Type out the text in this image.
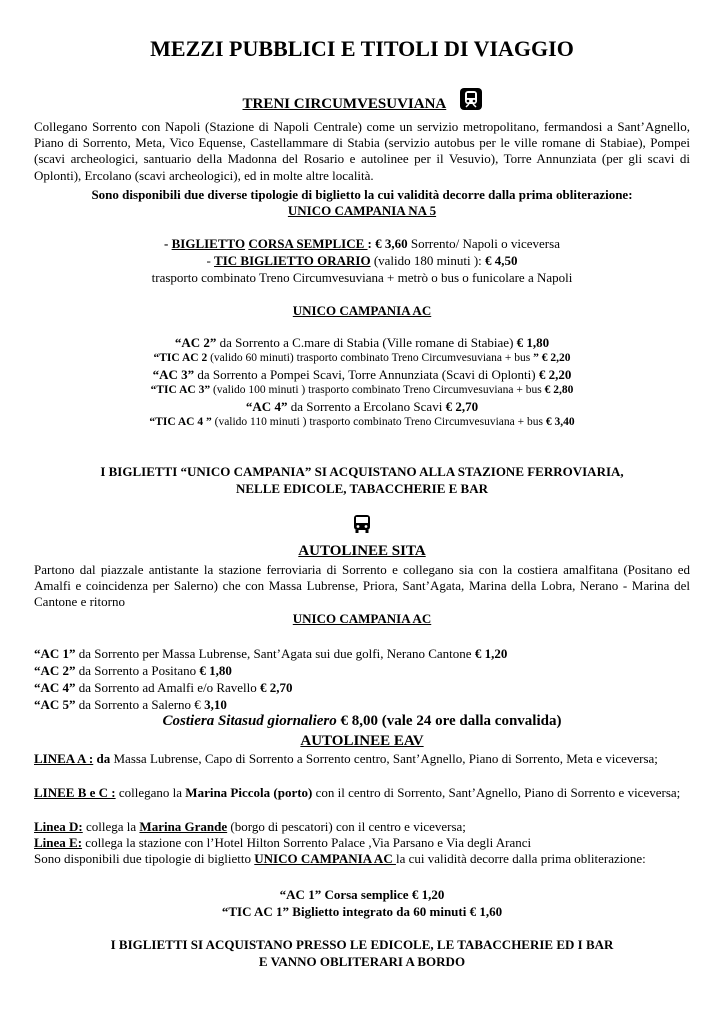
MEZZI PUBBLICI E TITOLI DI VIAGGIO
TRENI CIRCUMVESUVIANA

Collegano Sorrento con Napoli (Stazione di Napoli Centrale) come un servizio metropolitano, fermandosi a Sant’Agnello, Piano di Sorrento, Meta, Vico Equense, Castellammare di Stabia (servizio autobus per le ville romane di Stabiae), Pompei (scavi archeologici, santuario della Madonna del Rosario e autolinee per il Vesuvio), Torre Annunziata (per gli scavi di Oplonti), Ercolano (scavi archeologici), ed in molte altre località.

Sono disponibili due diverse tipologie di biglietto la cui validità decorre dalla prima obliterazione:

UNICO CAMPANIA NA 5

- BIGLIETTO CORSA SEMPLICE : € 3,60 Sorrento/ Napoli o viceversa

- TIC BIGLIETTO ORARIO (valido 180 minuti ): € 4,50

trasporto combinato Treno Circumvesuviana + metrò o bus o funicolare a Napoli

UNICO CAMPANIA AC

“AC 2” da Sorrento a C.mare di Stabia (Ville romane di Stabiae) € 1,80

“TIC AC 2 (valido 60 minuti) trasporto combinato Treno Circumvesuviana + bus ” € 2,20

“AC 3” da Sorrento a Pompei Scavi, Torre Annunziata (Scavi di Oplonti) € 2,20

“TIC AC 3” (valido 100 minuti ) trasporto combinato Treno Circumvesuviana + bus € 2,80

“AC 4” da Sorrento a Ercolano Scavi € 2,70

“TIC AC 4 ” (valido 110 minuti ) trasporto combinato Treno Circumvesuviana + bus € 3,40

I BIGLIETTI “UNICO CAMPANIA” SI ACQUISTANO ALLA STAZIONE FERROVIARIA,

NELLE EDICOLE, TABACCHERIE E BAR

AUTOLINEE SITA

Partono dal piazzale antistante la stazione ferroviaria di Sorrento e collegano sia con la costiera amalfitana (Positano ed Amalfi e coincidenza per Salerno) che con Massa Lubrense, Priora, Sant’Agata, Marina della Lobra, Nerano - Marina del Cantone e ritorno

UNICO CAMPANIA AC

“AC 1” da Sorrento per Massa Lubrense, Sant’Agata sui due golfi, Nerano Cantone € 1,20

“AC 2” da Sorrento a Positano € 1,80

“AC 4” da Sorrento ad Amalfi e/o Ravello € 2,70

“AC 5” da Sorrento a Salerno € 3,10

Costiera Sitasud giornaliero € 8,00 (vale 24 ore dalla convalida)

AUTOLINEE EAV

LINEA A : da Massa Lubrense, Capo di Sorrento a Sorrento centro, Sant’Agnello, Piano di Sorrento, Meta e viceversa;

LINEE B e C : collegano la Marina Piccola (porto) con il centro di Sorrento, Sant’Agnello, Piano di Sorrento e viceversa;

Linea D: collega la Marina Grande (borgo di pescatori) con il centro e viceversa;

Linea E: collega la stazione con l’Hotel Hilton Sorrento Palace ,Via Parsano e Via degli Aranci

Sono disponibili due tipologie di biglietto UNICO CAMPANIA AC la cui validità decorre dalla prima obliterazione:

“AC 1” Corsa semplice € 1,20

“TIC AC 1” Biglietto integrato da 60 minuti € 1,60

I BIGLIETTI SI ACQUISTANO PRESSO LE EDICOLE, LE TABACCHERIE ED I BAR

E VANNO OBLITERARI A BORDO
